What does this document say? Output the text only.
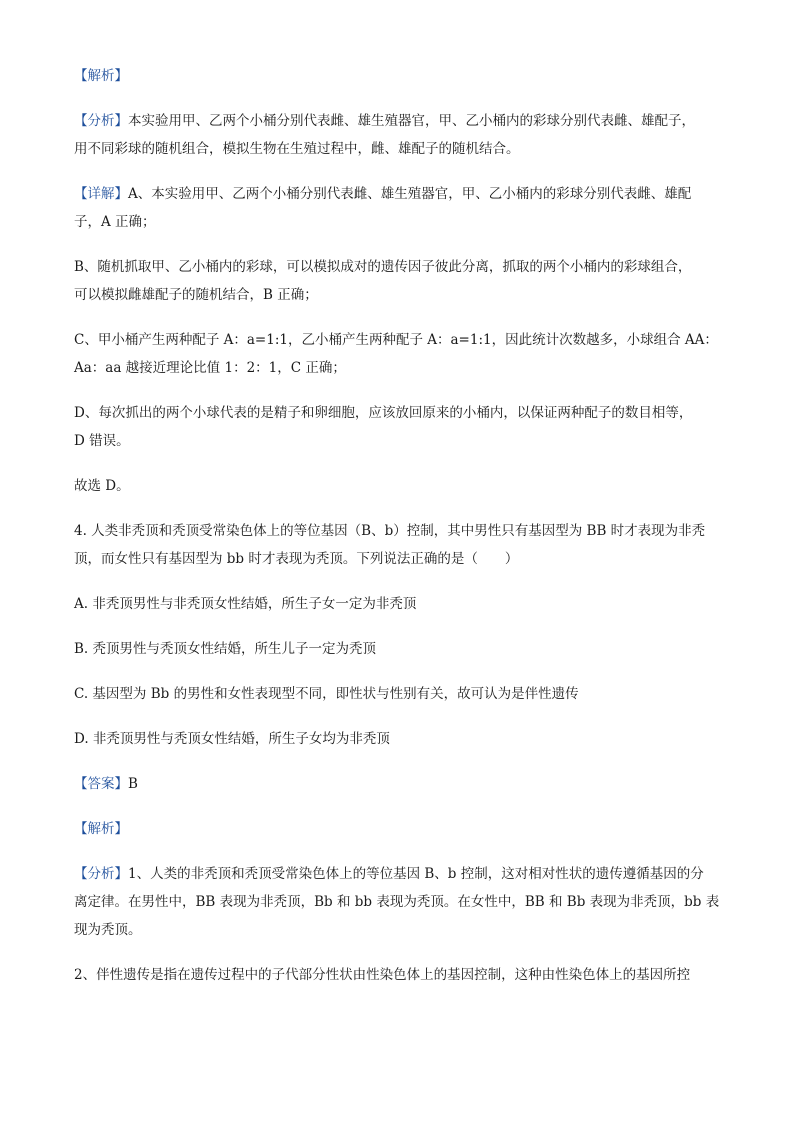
【解析】

【分析】本实验用甲、乙两个小桶分别代表雌、雄生殖器官，甲、乙小桶内的彩球分别代表雌、雄配子，
用不同彩球的随机组合，模拟生物在生殖过程中，雌、雄配子的随机结合。

【详解】A、本实验用甲、乙两个小桶分别代表雌、雄生殖器官，甲、乙小桶内的彩球分别代表雌、雄配
子，A 正确；

B、随机抓取甲、乙小桶内的彩球，可以模拟成对的遗传因子彼此分离，抓取的两个小桶内的彩球组合，
可以模拟雌雄配子的随机结合，B 正确；

C、甲小桶产生两种配子 A：a=1:1，乙小桶产生两种配子 A：a=1:1，因此统计次数越多，小球组合 AA：
Aa：aa 越接近理论比值 1：2：1，C 正确；

D、每次抓出的两个小球代表的是精子和卵细胞，应该放回原来的小桶内，以保证两种配子的数目相等，
D 错误。

故选 D。

4. 人类非秃顶和秃顶受常染色体上的等位基因（B、b）控制，其中男性只有基因型为 BB 时才表现为非秃
顶，而女性只有基因型为 bb 时才表现为秃顶。下列说法正确的是（　　）

A. 非秃顶男性与非秃顶女性结婚，所生子女一定为非秃顶

B. 秃顶男性与秃顶女性结婚，所生儿子一定为秃顶

C. 基因型为 Bb 的男性和女性表现型不同，即性状与性别有关，故可认为是伴性遗传

D. 非秃顶男性与秃顶女性结婚，所生子女均为非秃顶

【答案】B

【解析】

【分析】1、人类的非秃顶和秃顶受常染色体上的等位基因 B、b 控制，这对相对性状的遗传遵循基因的分
离定律。在男性中，BB 表现为非秃顶，Bb 和 bb 表现为秃顶。在女性中，BB 和 Bb 表现为非秃顶，bb 表
现为秃顶。

2、伴性遗传是指在遗传过程中的子代部分性状由性染色体上的基因控制，这种由性染色体上的基因所控
